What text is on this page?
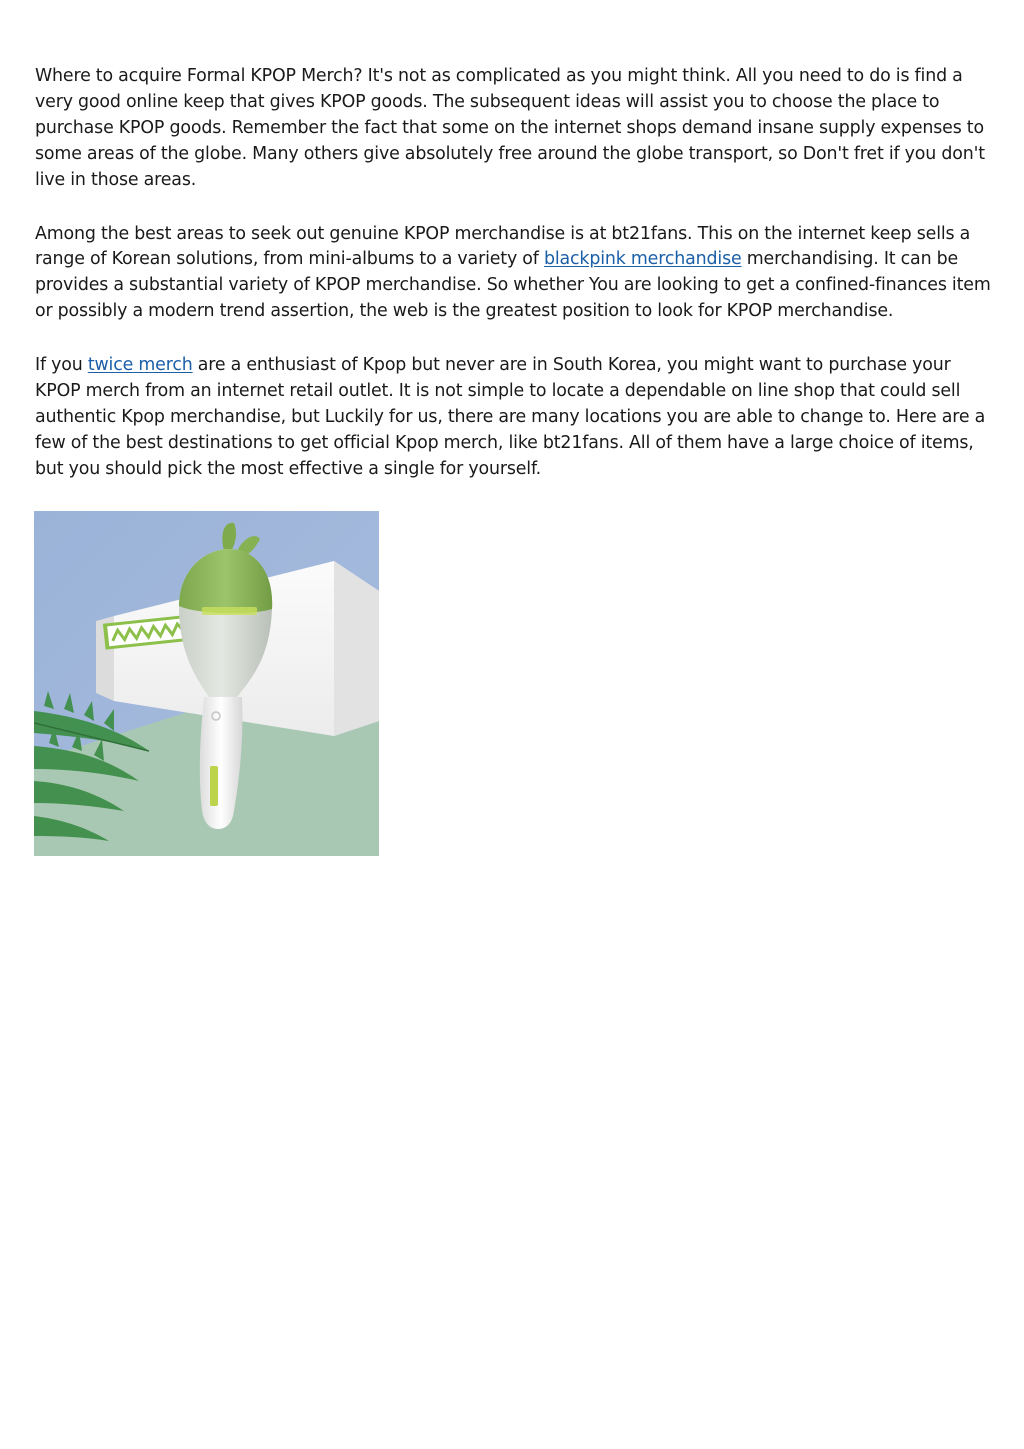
Where to acquire Formal KPOP Merch? It's not as complicated as you might think. All you need to do is find a very good online keep that gives KPOP goods. The subsequent ideas will assist you to choose the place to purchase KPOP goods. Remember the fact that some on the internet shops demand insane supply expenses to some areas of the globe. Many others give absolutely free around the globe transport, so Don't fret if you don't live in those areas.

Among the best areas to seek out genuine KPOP merchandise is at bt21fans. This on the internet keep sells a range of Korean solutions, from mini-albums to a variety of blackpink merchandise merchandising. It can be provides a substantial variety of KPOP merchandise. So whether You are looking to get a confined-finances item or possibly a modern trend assertion, the web is the greatest position to look for KPOP merchandise.

If you twice merch are a enthusiast of Kpop but never are in South Korea, you might want to purchase your KPOP merch from an internet retail outlet. It is not simple to locate a dependable on line shop that could sell authentic Kpop merchandise, but Luckily for us, there are many locations you are able to change to. Here are a few of the best destinations to get official Kpop merch, like bt21fans. All of them have a large choice of items, but you should pick the most effective a single for yourself.
